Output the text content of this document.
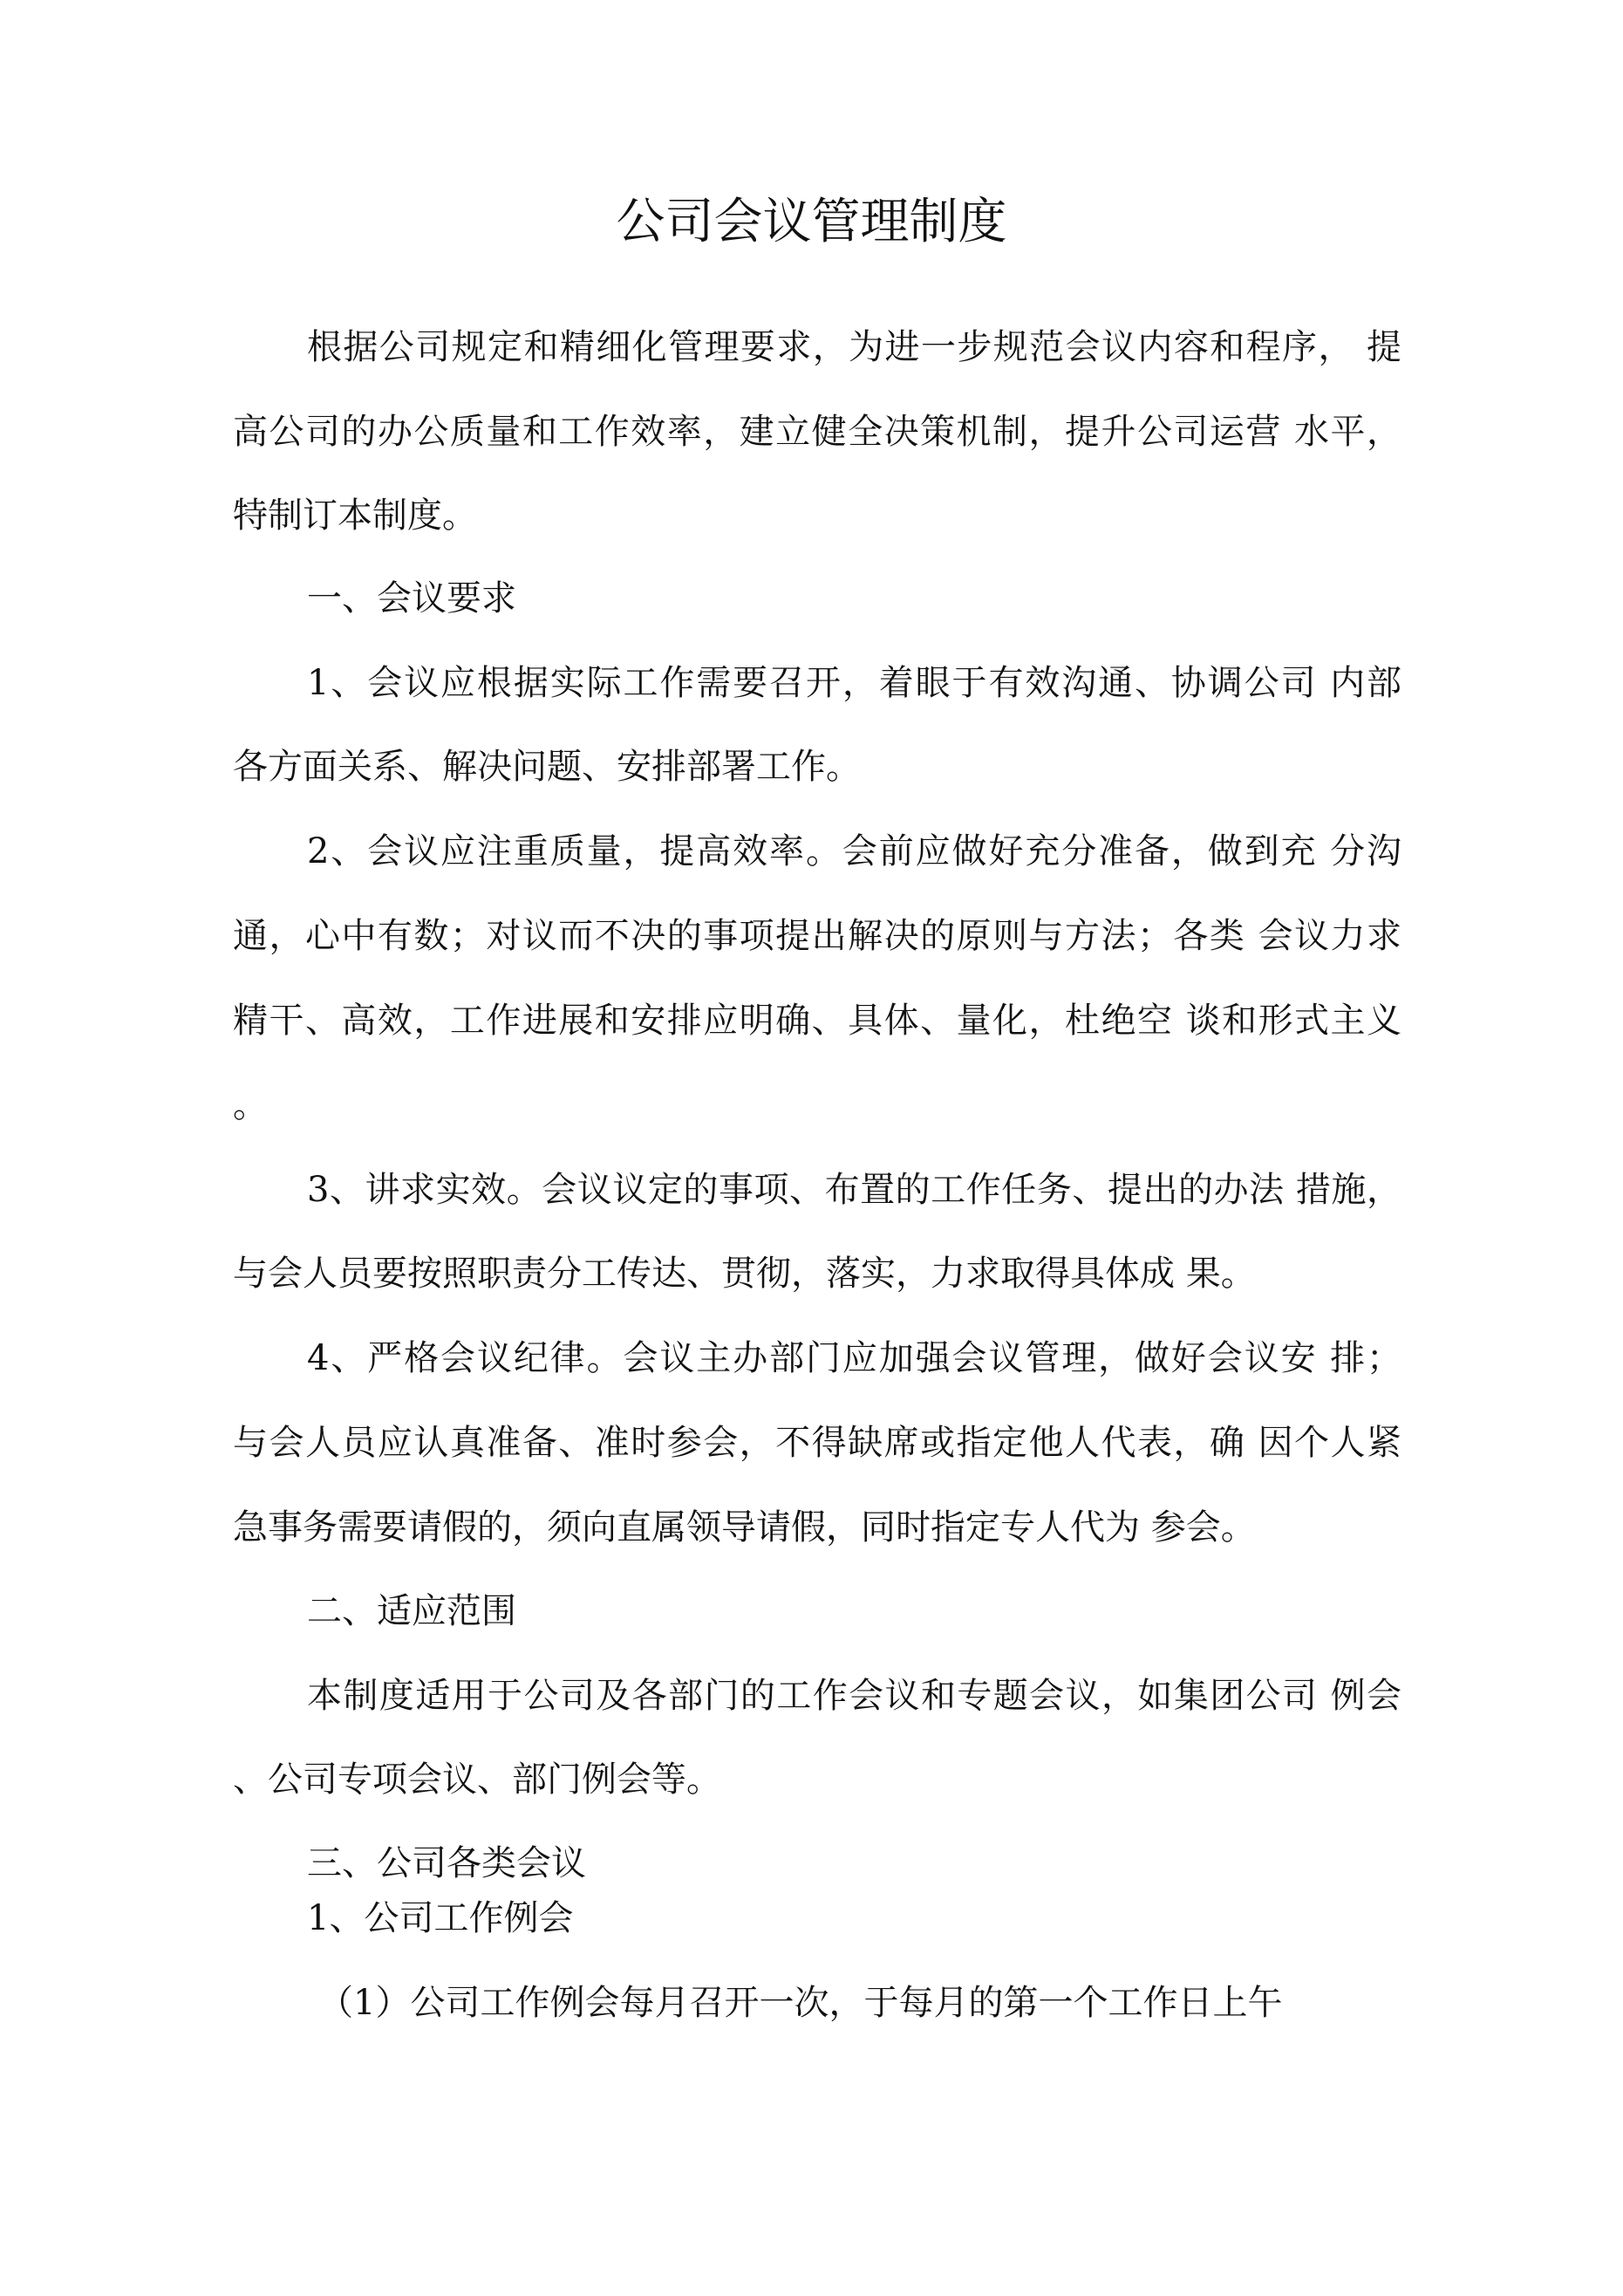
公司会议管理制度
根据公司规定和精细化管理要求，为进一步规范会议内容和程序， 提
高公司的办公质量和工作效率，建立健全决策机制，提升公司运营 水平，
特制订本制度。
一、会议要求
1、会议应根据实际工作需要召开，着眼于有效沟通、协调公司 内部
各方面关系、解决问题、安排部署工作。
2、会议应注重质量，提高效率。会前应做好充分准备，做到充 分沟
通，心中有数；对议而不决的事项提出解决的原则与方法；各类 会议力求
精干、高效，工作进展和安排应明确、具体、量化，杜绝空 谈和形式主义
。
3、讲求实效。会议议定的事项、布置的工作任务、提出的办法 措施，
与会人员要按照职责分工传达、贯彻，落实，力求取得具体成 果。
4、严格会议纪律。会议主办部门应加强会议管理，做好会议安 排；
与会人员应认真准备、准时参会，不得缺席或指定他人代表，确 因个人紧
急事务需要请假的，须向直属领导请假，同时指定专人代为 参会。
二、适应范围
本制度适用于公司及各部门的工作会议和专题会议，如集团公司 例会
、公司专项会议、部门例会等。
三、公司各类会议
1、公司工作例会
（1）公司工作例会每月召开一次，于每月的第一个工作日上午
